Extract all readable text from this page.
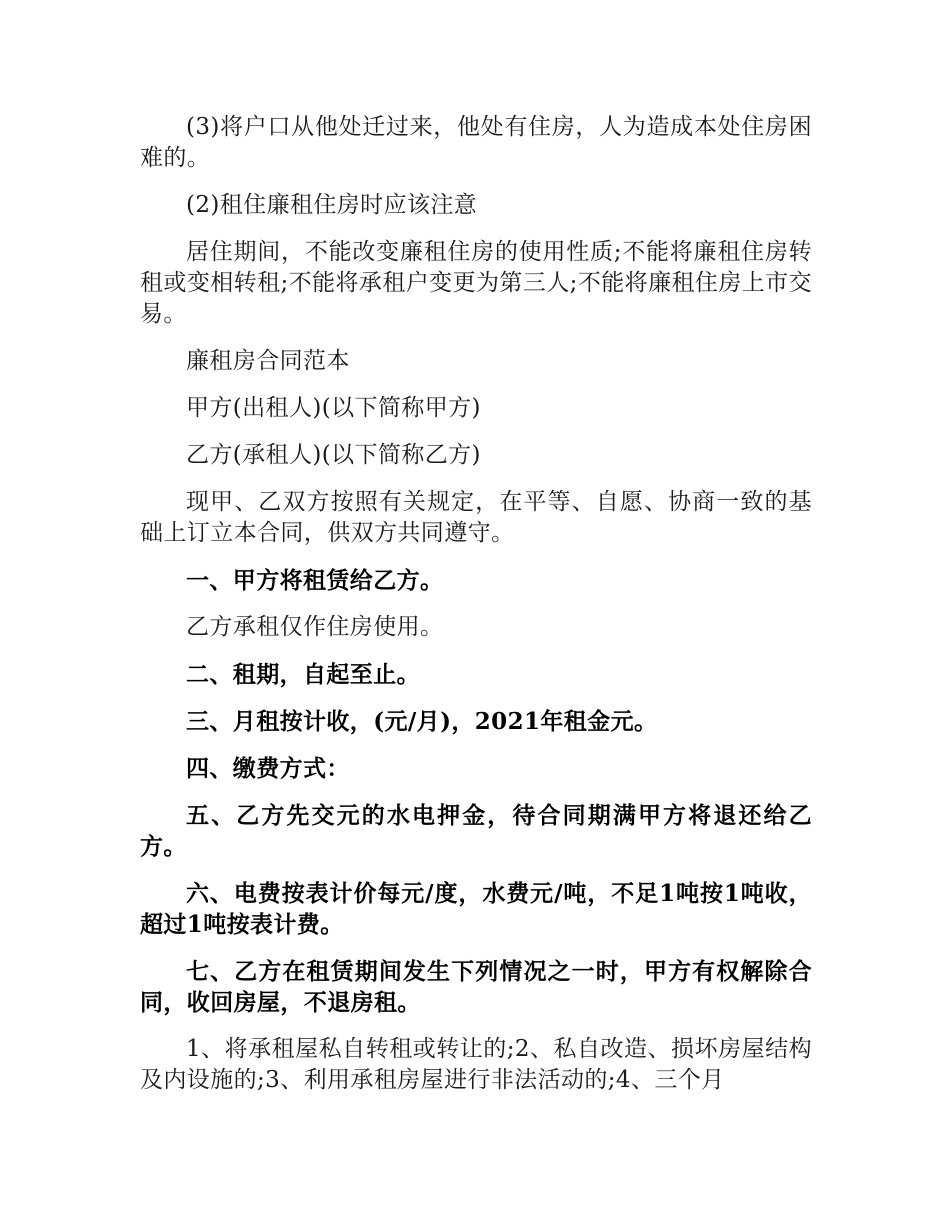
(3)将户口从他处迁过来，他处有住房，人为造成本处住房困难的。

(2)租住廉租住房时应该注意

居住期间，不能改变廉租住房的使用性质;不能将廉租住房转租或变相转租;不能将承租户变更为第三人;不能将廉租住房上市交易。

廉租房合同范本

甲方(出租人)(以下简称甲方)

乙方(承租人)(以下简称乙方)

现甲、乙双方按照有关规定，在平等、自愿、协商一致的基础上订立本合同，供双方共同遵守。

一、甲方将租赁给乙方。

乙方承租仅作住房使用。

二、租期，自起至止。

三、月租按计收，(元/月)，2021年租金元。

四、缴费方式：

五、乙方先交元的水电押金，待合同期满甲方将退还给乙方。

六、电费按表计价每元/度，水费元/吨，不足1吨按1吨收，超过1吨按表计费。

七、乙方在租赁期间发生下列情况之一时，甲方有权解除合同，收回房屋，不退房租。

1、将承租屋私自转租或转让的;2、私自改造、损坏房屋结构及内设施的;3、利用承租房屋进行非法活动的;4、三个月
